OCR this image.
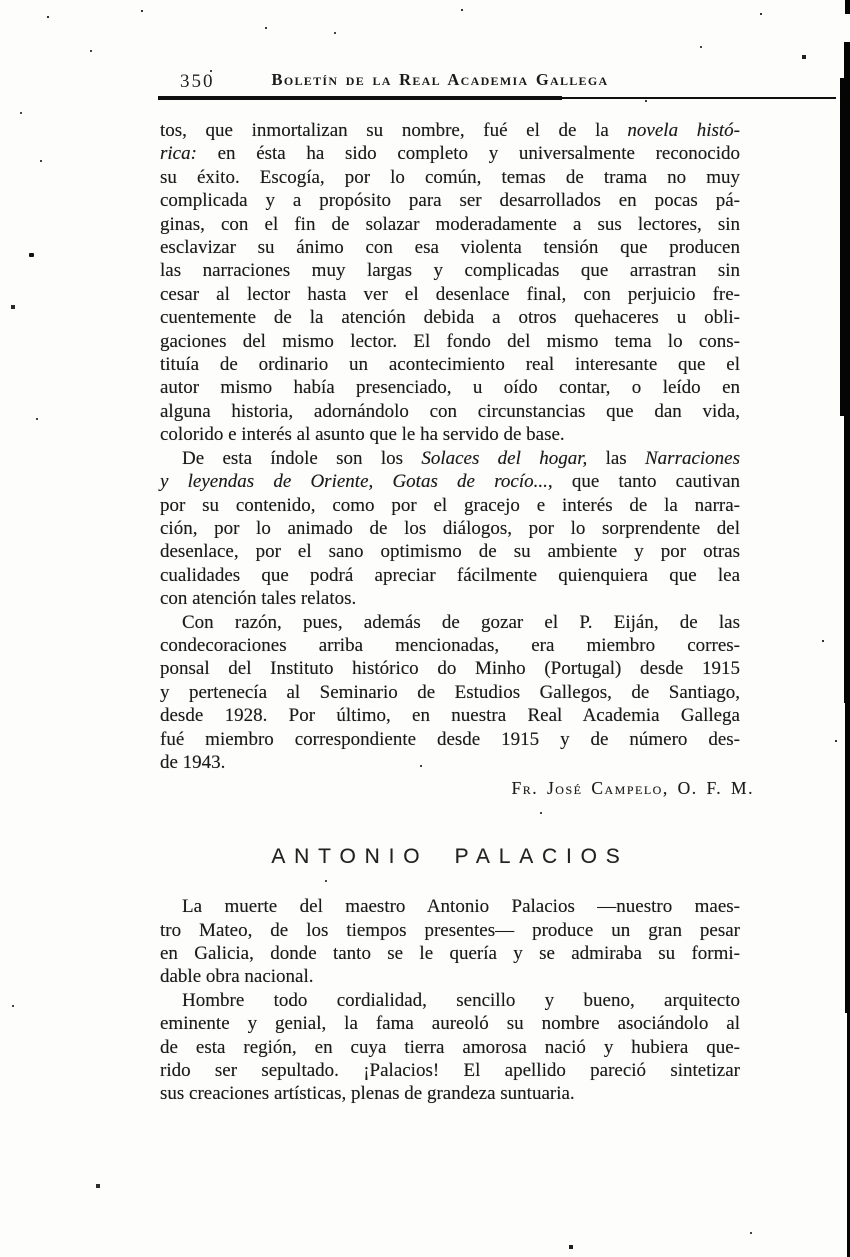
350	Boletín de la Real Academia Gallega
tos, que inmortalizan su nombre, fué el de la novela histó-
rica: en ésta ha sido completo y universalmente reconocido
su éxito. Escogía, por lo común, temas de trama no muy
complicada y a propósito para ser desarrollados en pocas pá-
ginas, con el fin de solazar moderadamente a sus lectores, sin
esclavizar su ánimo con esa violenta tensión que producen
las narraciones muy largas y complicadas que arrastran sin
cesar al lector hasta ver el desenlace final, con perjuicio fre-
cuentemente de la atención debida a otros quehaceres u obli-
gaciones del mismo lector. El fondo del mismo tema lo cons-
tituía de ordinario un acontecimiento real interesante que el
autor mismo había presenciado, u oído contar, o leído en
alguna historia, adornándolo con circunstancias que dan vida,
colorido e interés al asunto que le ha servido de base.
De esta índole son los Solaces del hogar, las Narraciones
y leyendas de Oriente, Gotas de rocío..., que tanto cautivan
por su contenido, como por el gracejo e interés de la narra-
ción, por lo animado de los diálogos, por lo sorprendente del
desenlace, por el sano optimismo de su ambiente y por otras
cualidades que podrá apreciar fácilmente quienquiera que lea
con atención tales relatos.
Con razón, pues, además de gozar el P. Eiján, de las
condecoraciones arriba mencionadas, era miembro corres-
ponsal del Instituto histórico do Minho (Portugal) desde 1915
y pertenecía al Seminario de Estudios Gallegos, de Santiago,
desde 1928. Por último, en nuestra Real Academia Gallega
fué miembro correspondiente desde 1915 y de número des-
de 1943.
Fr. José Campelo, O. F. M.
ANTONIO PALACIOS
La muerte del maestro Antonio Palacios —nuestro maes-
tro Mateo, de los tiempos presentes— produce un gran pesar
en Galicia, donde tanto se le quería y se admiraba su formi-
dable obra nacional.
Hombre todo cordialidad, sencillo y bueno, arquitecto
eminente y genial, la fama aureoló su nombre asociándolo al
de esta región, en cuya tierra amorosa nació y hubiera que-
rido ser sepultado. ¡Palacios! El apellido pareció sintetizar
sus creaciones artísticas, plenas de grandeza suntuaria.
